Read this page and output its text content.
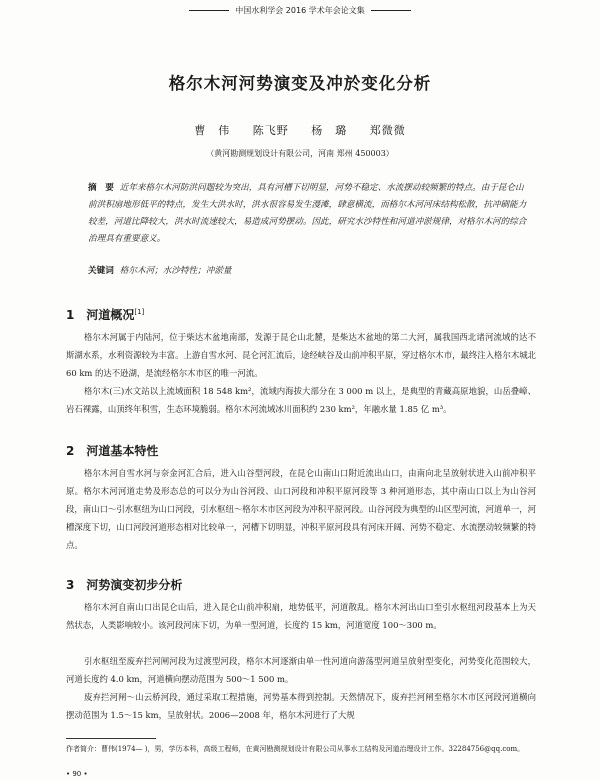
中国水利学会 2016 学术年会论文集
格尔木河河势演变及冲於变化分析
曹　伟 陈飞野 杨　璐 郑微微
（黄河勘测规划设计有限公司，河南 郑州 450003）
摘　要 近年来格尔木河防洪问题较为突出，具有河槽下切明显，河势不稳定、水流摆动较频繁的特点。由于昆仑山前洪积扇地形低平的特点，发生大洪水时，洪水很容易发生漫滩，肆意横流，而格尔木河河床结构松散，抗冲刷能力较差，河道比降较大，洪水时流速较大，易造成河势摆动。因此，研究水沙特性和河道冲淤规律，对格尔木河的综合治理具有重要意义。
关键词 格尔木河；水沙特性；冲淤量
1 河道概况[1]
格尔木河属于内陆河，位于柴达木盆地南部，发源于昆仑山北麓，是柴达木盆地的第二大河，属我国西北诸河流域的达不斯湖水系，水利资源较为丰富。上游自雪水河、昆仑河汇流后，途经峡谷及山前冲积平原，穿过格尔木市，最终注入格尔木城北 60 km 的达不逊湖，是流经格尔木市区的唯一河流。
格尔木(三)水文站以上流域面积 18 548 km²，流域内海拔大部分在 3 000 m 以上，是典型的青藏高原地貌，山岳叠嶂、岩石裸露，山顶终年积雪，生态环境脆弱。格尔木河流域冰川面积约 230 km²，年融水量 1.85 亿 m³。
2 河道基本特性
格尔木河自雪水河与奈金河汇合后，进入山谷型河段，在昆仑山南山口附近流出山口，由南向北呈放射状进入山前冲积平原。格尔木河河道走势及形态总的可以分为山谷河段、山口河段和冲积平原河段等 3 种河道形态，其中南山口以上为山谷河段，南山口～引水枢纽为山口河段，引水枢纽～格尔木市区河段为冲积平原河段。山谷河段为典型的山区型河流，河道单一，河槽深度下切，山口河段河道形态相对比较单一，河槽下切明显，冲积平原河段具有河床开阔、河势不稳定、水流摆动较频繁的特点。
3 河势演变初步分析
格尔木河自南山口出昆仑山后，进入昆仑山前冲积扇，地势低平，河道散乱。格尔木河出山口至引水枢纽河段基本上为天然状态，人类影响较小。该河段河床下切，为单一型河道，长度约 15 km，河道宽度 100～300 m。
引水枢纽至废弃拦河闸河段为过渡型河段，格尔木河逐渐由单一性河道向游荡型河道呈放射型变化，河势变化范围较大，河道长度约 4.0 km，河道横向摆动范围为 500～1 500 m。
废弃拦河闸～山云桥河段，通过采取工程措施，河势基本得到控制。天然情况下，废弃拦河闸至格尔木市区河段河道横向摆动范围为 1.5～15 km，呈放射状。2006—2008 年，格尔木河进行了大规
作者简介：曹伟(1974— )，男，学历本科，高级工程师，在黄河勘测规划设计有限公司从事水工结构及河道治理设计工作。32284756@qq.com。
• 90 •
